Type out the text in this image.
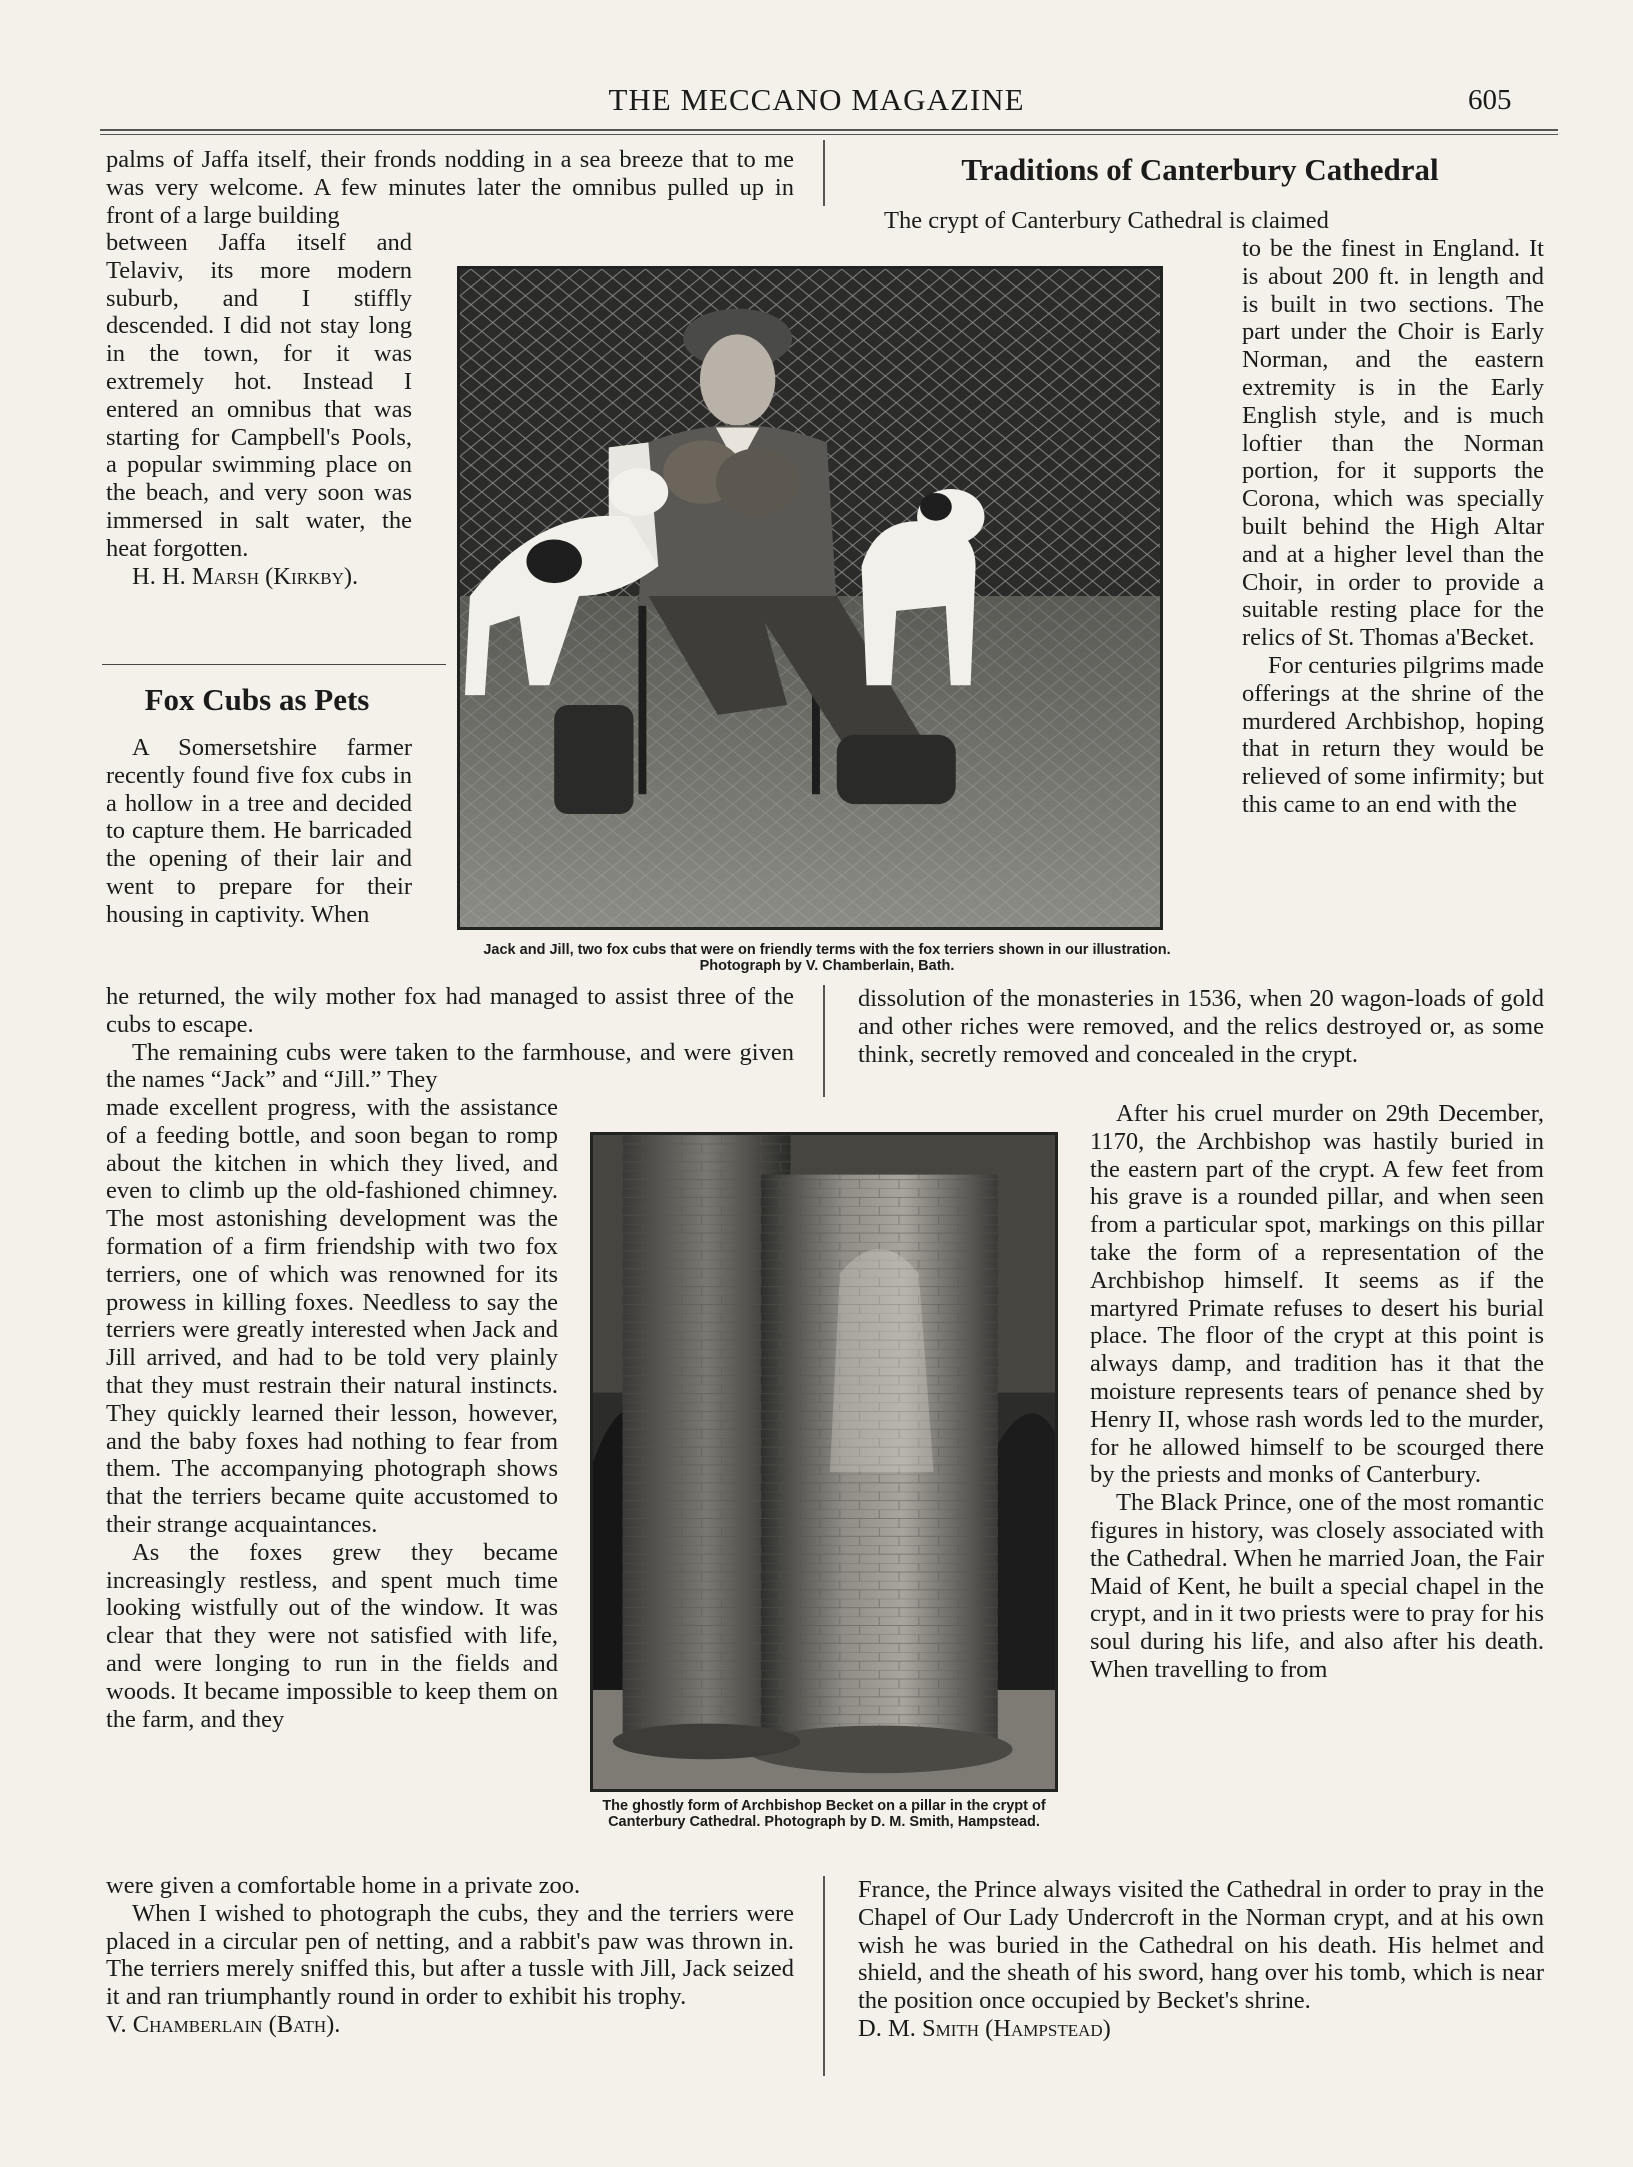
THE MECCANO MAGAZINE	605

palms of Jaffa itself, their fronds nodding in a sea breeze that to me was very welcome. A few minutes later the omnibus pulled up in front of a large building

between Jaffa itself and Telaviv, its more modern suburb, and I stiffly descended. I did not stay long in the town, for it was extremely hot. Instead I entered an omnibus that was starting for Campbell's Pools, a popular swimming place on the beach, and very soon was immersed in salt water, the heat forgotten.

H. H. Marsh (Kirkby).

Fox Cubs as Pets

A Somersetshire farmer recently found five fox cubs in a hollow in a tree and decided to capture them. He barricaded the opening of their lair and went to prepare for their housing in captivity. When

he returned, the wily mother fox had managed to assist three of the cubs to escape.

The remaining cubs were taken to the farmhouse, and were given the names “Jack” and “Jill.” They

made excellent progress, with the assistance of a feeding bottle, and soon began to romp about the kitchen in which they lived, and even to climb up the old-fashioned chimney. The most astonishing development was the formation of a firm friendship with two fox terriers, one of which was renowned for its prowess in killing foxes. Needless to say the terriers were greatly interested when Jack and Jill arrived, and had to be told very plainly that they must restrain their natural instincts. They quickly learned their lesson, however, and the baby foxes had nothing to fear from them. The accompanying photograph shows that the terriers became quite accustomed to their strange acquaintances.

As the foxes grew they became increasingly restless, and spent much time looking wistfully out of the window. It was clear that they were not satisfied with life, and were longing to run in the fields and woods. It became impossible to keep them on the farm, and they

were given a comfortable home in a private zoo.

When I wished to photograph the cubs, they and the terriers were placed in a circular pen of netting, and a rabbit's paw was thrown in. The terriers merely sniffed this, but after a tussle with Jill, Jack seized it and ran triumphantly round in order to exhibit his trophy.

V. Chamberlain (Bath).

Jack and Jill, two fox cubs that were on friendly terms with the fox terriers shown in our illustration. Photograph by V. Chamberlain, Bath.
Traditions of Canterbury Cathedral

The crypt of Canterbury Cathedral is claimed

to be the finest in England. It is about 200 ft. in length and is built in two sections. The part under the Choir is Early Norman, and the eastern extremity is in the Early English style, and is much loftier than the Norman portion, for it supports the Corona, which was specially built behind the High Altar and at a higher level than the Choir, in order to provide a suitable resting place for the relics of St. Thomas a'Becket.

For centuries pilgrims made offerings at the shrine of the murdered Archbishop, hoping that in return they would be relieved of some infirmity; but this came to an end with the

dissolution of the monasteries in 1536, when 20 wagon-loads of gold and other riches were removed, and the relics destroyed or, as some think, secretly removed and concealed in the crypt.

After his cruel murder on 29th December, 1170, the Archbishop was hastily buried in the eastern part of the crypt. A few feet from his grave is a rounded pillar, and when seen from a particular spot, markings on this pillar take the form of a representation of the Archbishop himself. It seems as if the martyred Primate refuses to desert his burial place. The floor of the crypt at this point is always damp, and tradition has it that the moisture represents tears of penance shed by Henry II, whose rash words led to the murder, for he allowed himself to be scourged there by the priests and monks of Canterbury.

The Black Prince, one of the most romantic figures in history, was closely associated with the Cathedral. When he married Joan, the Fair Maid of Kent, he built a special chapel in the crypt, and in it two priests were to pray for his soul during his life, and also after his death. When travelling to from

France, the Prince always visited the Cathedral in order to pray in the Chapel of Our Lady Undercroft in the Norman crypt, and at his own wish he was buried in the Cathedral on his death. His helmet and shield, and the sheath of his sword, hang over his tomb, which is near the position once occupied by Becket's shrine.

D. M. Smith (Hampstead)

The ghostly form of Archbishop Becket on a pillar in the crypt of Canterbury Cathedral. Photograph by D. M. Smith, Hampstead.
